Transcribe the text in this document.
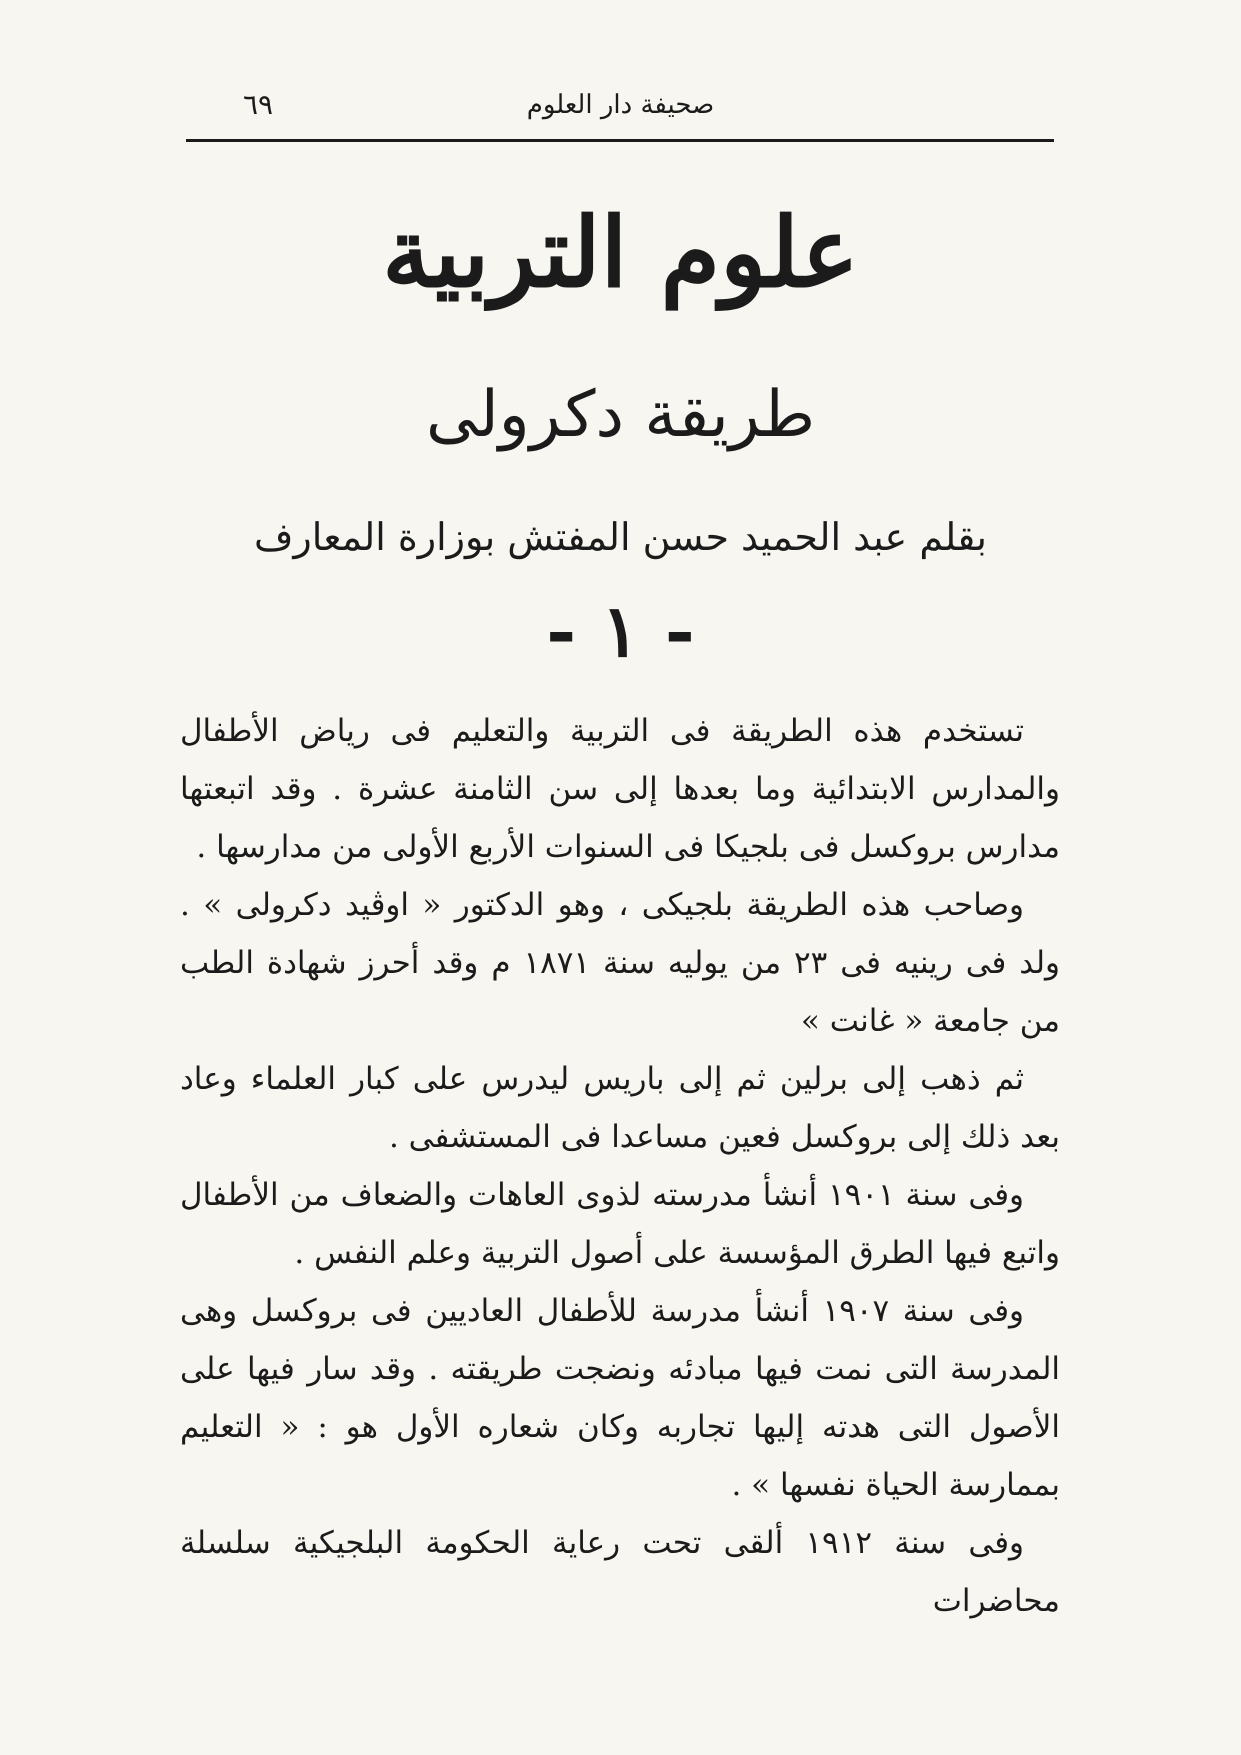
صحيفة دار العلوم
٦٩
علوم التربية
طريقة دكرولى
بقلم عبد الحميد حسن المفتش بوزارة المعارف
- ١ -

تستخدم هذه الطريقة فى التربية والتعليم فى رياض الأطفال والمدارس الابتدائية وما بعدها إلى سن الثامنة عشرة . وقد اتبعتها مدارس بروكسل فى بلجيكا فى السنوات الأربع الأولى من مدارسها .

وصاحب هذه الطريقة بلجيكى ، وهو الدكتور « اوڤيد دكرولى » . ولد فى رينيه فى ٢٣ من يوليه سنة ١٨٧١ م وقد أحرز شهادة الطب من جامعة « غانت »

ثم ذهب إلى برلين ثم إلى باريس ليدرس على كبار العلماء وعاد بعد ذلك إلى بروكسل فعين مساعدا فى المستشفى .

وفى سنة ١٩٠١ أنشأ مدرسته لذوى العاهات والضعاف من الأطفال واتبع فيها الطرق المؤسسة على أصول التربية وعلم النفس .

وفى سنة ١٩٠٧ أنشأ مدرسة للأطفال العاديين فى بروكسل وهى المدرسة التى نمت فيها مبادئه ونضجت طريقته . وقد سار فيها على الأصول التى هدته إليها تجاربه وكان شعاره الأول هو : « التعليم بممارسة الحياة نفسها » .

وفى سنة ١٩١٢ ألقى تحت رعاية الحكومة البلجيكية سلسلة محاضرات
